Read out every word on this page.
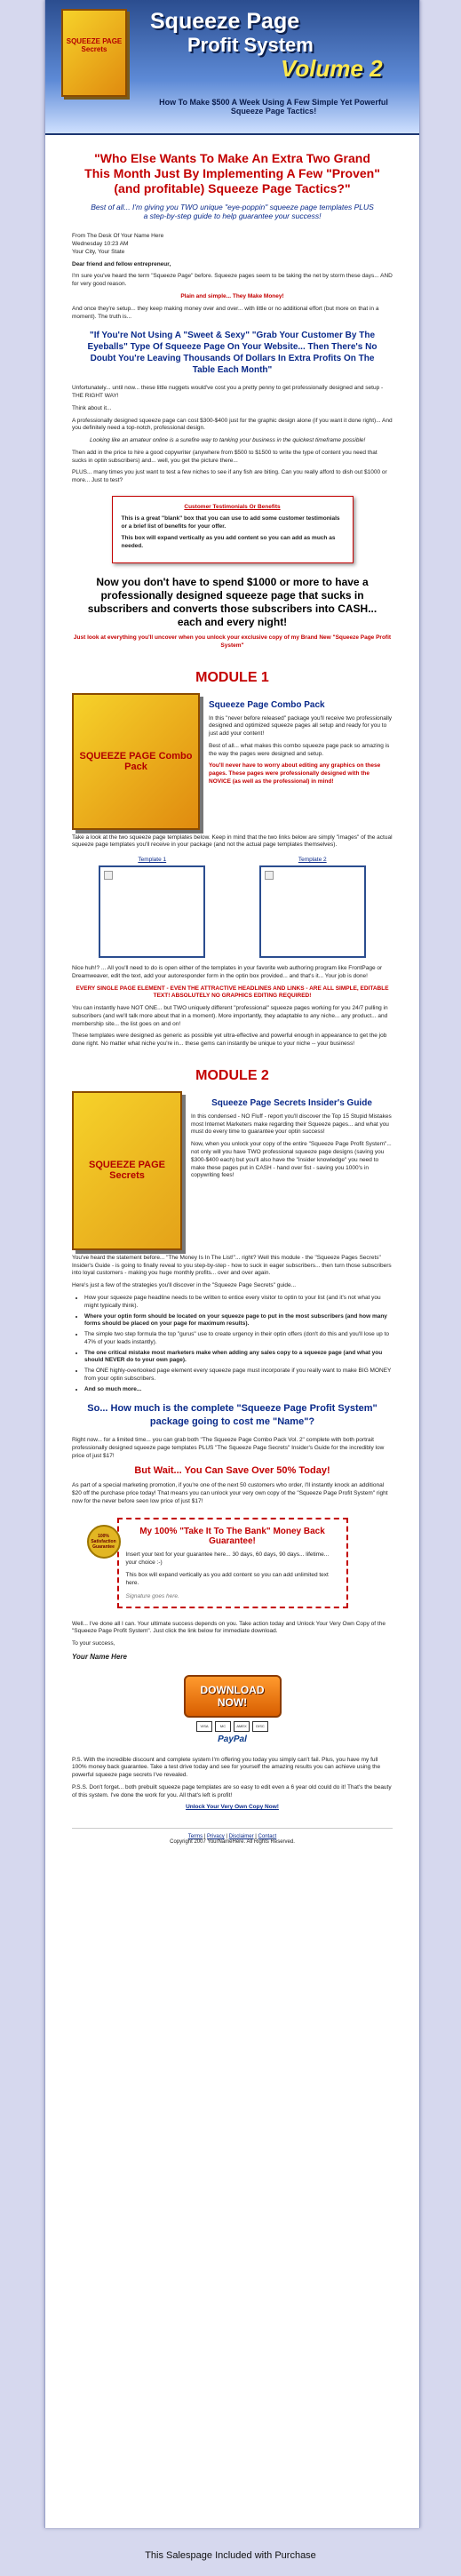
SQUEEZE PAGE Secrets
Squeeze Page
Profit System
Volume 2
How To Make $500 A Week Using A Few Simple Yet Powerful Squeeze Page Tactics!
"Who Else Wants To Make An Extra Two Grand This Month Just By Implementing A Few "Proven" (and profitable) Squeeze Page Tactics?"
Best of all... I'm giving you TWO unique "eye-poppin" squeeze page templates PLUS a step-by-step guide to help guarantee your success!

From The Desk Of Your Name Here
Wednesday 10:23 AM
Your City, Your State

Dear friend and fellow entrepreneur,

I'm sure you've heard the term "Squeeze Page" before. Squeeze pages seem to be taking the net by storm these days... AND for very good reason.

Plain and simple... They Make Money!

And once they're setup... they keep making money over and over... with little or no additional effort (but more on that in a moment). The truth is...

"If You're Not Using A "Sweet & Sexy" "Grab Your Customer By The Eyeballs" Type Of Squeeze Page On Your Website... Then There's No Doubt You're Leaving Thousands Of Dollars In Extra Profits On The Table Each Month"

Unfortunately... until now... these little nuggets would've cost you a pretty penny to get professionally designed and setup - THE RIGHT WAY!

Think about it...

A professionally designed squeeze page can cost $300-$400 just for the graphic design alone (if you want it done right)... And you definitely need a top-notch, professional design.

Looking like an amateur online is a surefire way to tanking your business in the quickest timeframe possible!

Then add in the price to hire a good copywriter (anywhere from $500 to $1500 to write the type of content you need that sucks in optin subscribers) and... well, you get the picture there...

PLUS... many times you just want to test a few niches to see if any fish are biting. Can you really afford to dish out $1000 or more... Just to test?

Customer Testimonials Or Benefits

This is a great "blank" box that you can use to add some customer testimonials or a brief list of benefits for your offer.

This box will expand vertically as you add content so you can add as much as needed.

Now you don't have to spend $1000 or more to have a professionally designed squeeze page that sucks in subscribers and converts those subscribers into CASH... each and every night!

Just look at everything you'll uncover when you unlock your exclusive copy of my Brand New "Squeeze Page Profit System"

MODULE 1
SQUEEZE PAGE Combo Pack
Squeeze Page Combo Pack

In this "never before released" package you'll receive two professionally designed and optimized squeeze pages all setup and ready for you to just add your content!

Best of all... what makes this combo squeeze page pack so amazing is the way the pages were designed and setup.

You'll never have to worry about editing any graphics on these pages. These pages were professionally designed with the NOVICE (as well as the professional) in mind!

Take a look at the two squeeze page templates below. Keep in mind that the two links below are simply "images" of the actual squeeze page templates you'll receive in your package (and not the actual page templates themselves).

Template 1	Template 2

Nice huh!? ... All you'll need to do is open either of the templates in your favorite web authoring program like FrontPage or Dreamweaver, edit the text, add your autoresponder form in the optin box provided... and that's it... Your job is done!

EVERY SINGLE PAGE ELEMENT - EVEN THE ATTRACTIVE HEADLINES AND LINKS - ARE ALL SIMPLE, EDITABLE TEXT! ABSOLUTELY NO GRAPHICS EDITING REQUIRED!

You can instantly have NOT ONE... but TWO uniquely different "professional" squeeze pages working for you 24/7 pulling in subscribers (and we'll talk more about that in a moment). More importantly, they adaptable to any niche... any product... and membership site... the list goes on and on!

These templates were designed as generic as possible yet ultra-effective and powerful enough in appearance to get the job done right. No matter what niche you're in... these gems can instantly be unique to your niche -- your business!

MODULE 2
SQUEEZE PAGE Secrets
Squeeze Page Secrets Insider's Guide

In this condensed - NO Fluff - report you'll discover the Top 15 Stupid Mistakes most Internet Marketers make regarding their Squeeze pages... and what you must do every time to guarantee your optin success!

Now, when you unlock your copy of the entire "Squeeze Page Profit System"... not only will you have TWO professional squeeze page designs (saving you $300-$400 each) but you'll also have the "insider knowledge" you need to make these pages put in CASH - hand over fist - saving you 1000's in copywriting fees!

You've heard the statement before... "The Money Is In The List!"... right? Well this module - the "Squeeze Pages Secrets" Insider's Guide - is going to finally reveal to you step-by-step - how to suck in eager subscribers... then turn those subscribers into loyal customers - making you huge monthly profits... over and over again.

Here's just a few of the strategies you'll discover in the "Squeeze Page Secrets" guide...

• How your squeeze page headline needs to be written to entice every visitor to optin to your list (and it's not what you might typically think).
• Where your optin form should be located on your squeeze page to put in the most subscribers (and how many forms should be placed on your page for maximum results).
• The simple two step formula the top "gurus" use to create urgency in their optin offers (don't do this and you'll lose up to 47% of your leads instantly).
• The one critical mistake most marketers make when adding any sales copy to a squeeze page (and what you should NEVER do to your own page).
• The ONE highly-overlooked page element every squeeze page must incorporate if you really want to make BIG MONEY from your optin subscribers.
• And so much more...
So... How much is the complete "Squeeze Page Profit System" package going to cost me "Name"?

Right now... for a limited time... you can grab both "The Squeeze Page Combo Pack Vol. 2" complete with both portrait professionally designed squeeze page templates PLUS "The Squeeze Page Secrets" Insider's Guide for the incredibly low price of just $17!

But Wait... You Can Save Over 50% Today!

As part of a special marketing promotion, if you're one of the next 50 customers who order, I'll instantly knock an additional $20 off the purchase price today! That means you can unlock your very own copy of the "Squeeze Page Profit System" right now for the never before seen low price of just $17!

100% Satisfaction Guarantee
My 100% "Take It To The Bank" Money Back Guarantee!

Insert your text for your guarantee here... 30 days, 60 days, 90 days... lifetime... your choice :-)

This box will expand vertically as you add content so you can add unlimited text here.

Signature goes here.

Well... I've done all I can. Your ultimate success depends on you. Take action today and Unlock Your Very Own Copy of the "Squeeze Page Profit System". Just click the link below for immediate download.

To your success,

Your Name Here

DOWNLOAD NOW!
VISA	MC	AMEX	DISC
PayPal

P.S. With the incredible discount and complete system I'm offering you today you simply can't fail. Plus, you have my full 100% money back guarantee. Take a test drive today and see for yourself the amazing results you can achieve using the powerful squeeze page secrets I've revealed.

P.S.S. Don't forget... both prebuilt squeeze page templates are so easy to edit even a 6 year old could do it! That's the beauty of this system. I've done the work for you. All that's left is profit!

Unlock Your Very Own Copy Now!

Terms | Privacy | Disclaimer | Contact
Copyright 2007 YourNameHere. All Rights Reserved.
This Salespage Included with Purchase
